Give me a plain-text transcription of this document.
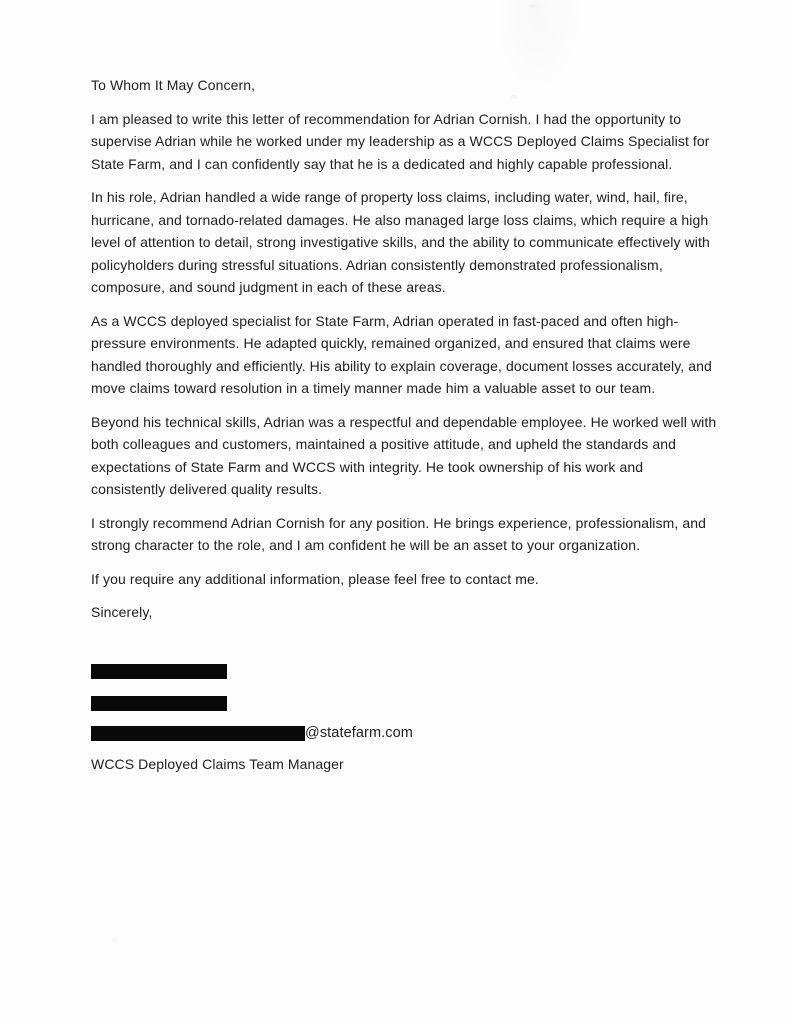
To Whom It May Concern,

I am pleased to write this letter of recommendation for Adrian Cornish. I had the opportunity to supervise Adrian while he worked under my leadership as a WCCS Deployed Claims Specialist for State Farm, and I can confidently say that he is a dedicated and highly capable professional.

In his role, Adrian handled a wide range of property loss claims, including water, wind, hail, fire, hurricane, and tornado-related damages. He also managed large loss claims, which require a high level of attention to detail, strong investigative skills, and the ability to communicate effectively with policyholders during stressful situations. Adrian consistently demonstrated professionalism, composure, and sound judgment in each of these areas.

As a WCCS deployed specialist for State Farm, Adrian operated in fast-paced and often high-pressure environments. He adapted quickly, remained organized, and ensured that claims were handled thoroughly and efficiently. His ability to explain coverage, document losses accurately, and move claims toward resolution in a timely manner made him a valuable asset to our team.

Beyond his technical skills, Adrian was a respectful and dependable employee. He worked well with both colleagues and customers, maintained a positive attitude, and upheld the standards and expectations of State Farm and WCCS with integrity. He took ownership of his work and consistently delivered quality results.

I strongly recommend Adrian Cornish for any position. He brings experience, professionalism, and strong character to the role, and I am confident he will be an asset to your organization.

If you require any additional information, please feel free to contact me.

Sincerely,

@statefarm.com

WCCS Deployed Claims Team Manager
